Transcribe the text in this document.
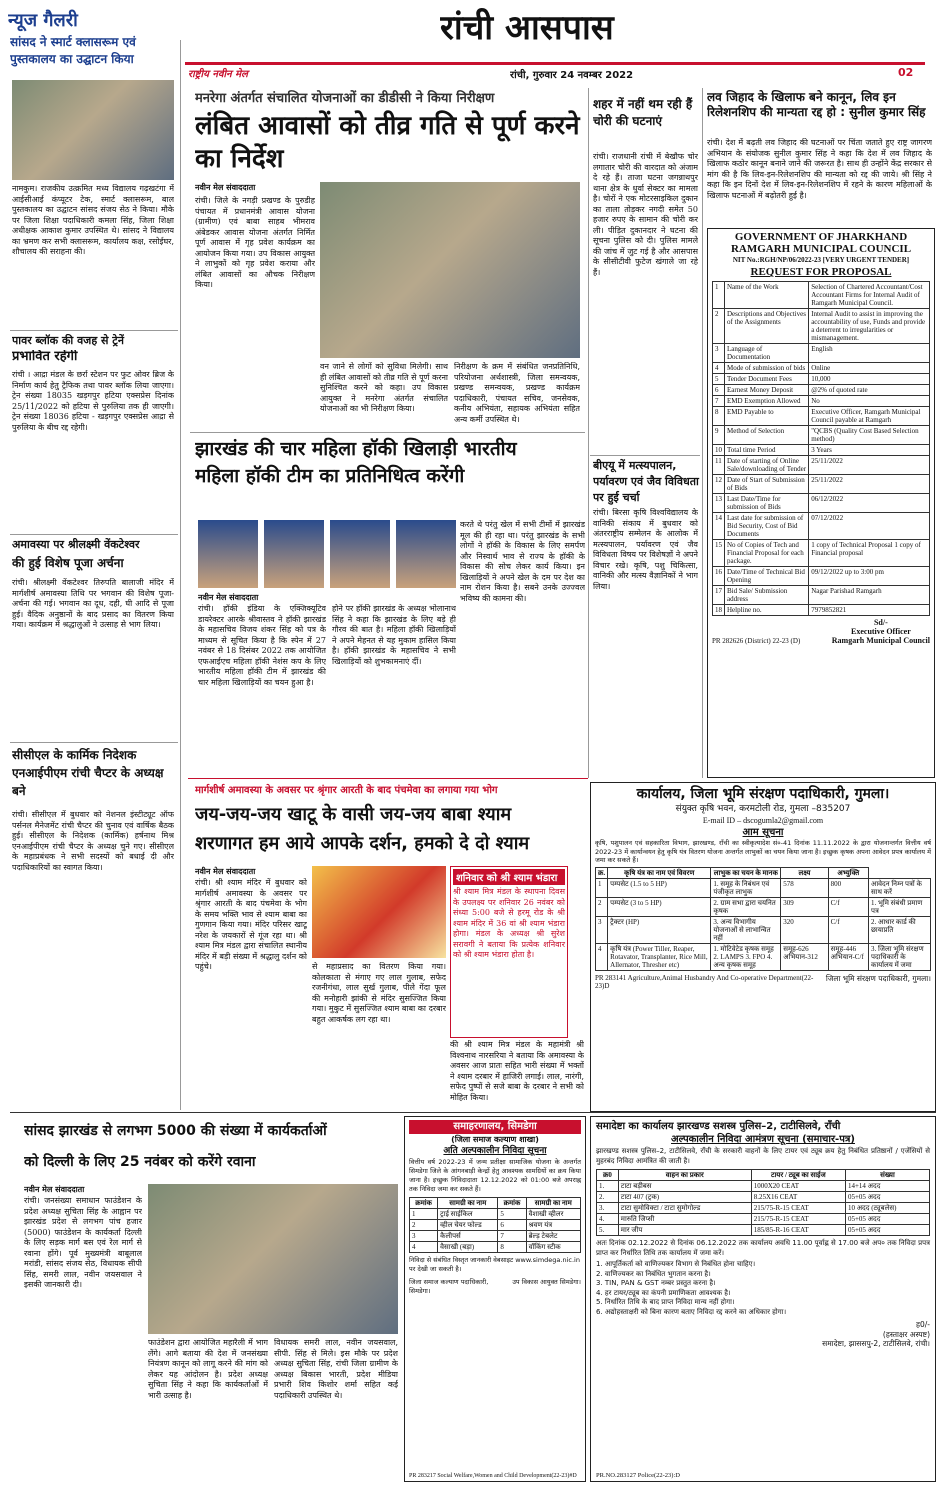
न्यूज गैलरी	रांची आसपास
राष्ट्रीय नवीन मेल	रांची, गुरुवार 24 नवम्बर 2022	02
सांसद ने स्मार्ट क्लासरूम एवं पुस्तकालय का उद्घाटन किया
नामकुम। राजकीय उत्क्रमित मध्य विद्यालय गढ़खटंगा में आईसीआई कंप्यूटर टेक, स्मार्ट क्लासरूम, बाल पुस्तकालय का उद्घाटन सांसद संजय सेठ ने किया। मौके पर जिला शिक्षा पदाधिकारी कमला सिंह, जिला शिक्षा अधीक्षक आकाश कुमार उपस्थित थे। सांसद ने विद्यालय का भ्रमण कर सभी क्लासरूम, कार्यालय कक्ष, रसोईघर, शौचालय की सराहना की।
पावर ब्लॉक की वजह से ट्रेनें
प्रभावित रहेंगी
रांची । आद्रा मंडल के छर्रा स्टेशन पर फुट ओवर ब्रिज के निर्माण कार्य हेतु ट्रैफिक तथा पावर ब्लॉक लिया जाएगा। ट्रेन संख्या 18035 खड़गपुर हटिया एक्सप्रेस दिनांक 25/11/2022 को हटिया से पुरुलिया तक ही जाएगी। ट्रेन संख्या 18036 हटिया - खड़गपुर एक्सप्रेस आद्रा से पुरुलिया के बीच रद्द रहेगी।
अमावस्या पर श्रीलक्ष्मी वेंकटेश्वर
की हुई विशेष पूजा अर्चना
रांची। श्रीलक्ष्मी वेंकटेश्वर तिरुपति बालाजी मंदिर में मार्गशीर्ष अमावस्या तिथि पर भगवान की विशेष पूजा-अर्चना की गई। भगवान का दूध, दही, घी आदि से पूजा हुई। वैदिक अनुष्ठानों के बाद प्रसाद का वितरण किया गया। कार्यक्रम में श्रद्धालुओं ने उत्साह से भाग लिया।
सीसीएल के कार्मिक निदेशक एनआईपीएम रांची चैप्टर के अध्यक्ष बने
रांची। सीसीएल में बुधवार को नेशनल इंस्टीट्यूट ऑफ पर्सनल मैनेजमेंट रांची चैप्टर की चुनाव एवं वार्षिक बैठक हुई। सीसीएल के निदेशक (कार्मिक) हर्षनाथ मिश्र एनआईपीएम रांची चैप्टर के अध्यक्ष चुने गए। सीसीएल के महाप्रबंधक ने सभी सदस्यों को बधाई दी और पदाधिकारियों का स्वागत किया।
मनरेगा अंतर्गत संचालित योजनाओं का डीडीसी ने किया निरीक्षण
लंबित आवासों को तीव्र गति से पूर्ण करने का निर्देश
नवीन मेल संवाददाता
रांची। जिले के नगड़ी प्रखण्ड के पुरुडीह पंचायत में प्रधानमंत्री आवास योजना (ग्रामीण) एवं बाबा साहब भीमराव अंबेडकर आवास योजना अंतर्गत निर्मित पूर्ण आवास में गृह प्रवेश कार्यक्रम का आयोजन किया गया। उप विकास आयुक्त ने लाभुकों को गृह प्रवेश कराया और लंबित आवासों का औचक निरीक्षण किया।
वन जाने से लोगों को सुविधा मिलेगी। साथ ही लंबित आवासों को तीव्र गति से पूर्ण करना सुनिश्चित करने को कहा। उप विकास आयुक्त ने मनरेगा अंतर्गत संचालित योजनाओं का भी निरीक्षण किया।
निरीक्षण के क्रम में संबंधित जनप्रतिनिधि, परियोजना अर्थशास्त्री, जिला समन्वयक, प्रखण्ड समन्वयक, प्रखण्ड कार्यक्रम पदाधिकारी, पंचायत सचिव, जनसेवक, कनीय अभियंता, सहायक अभियंता सहित अन्य कर्मी उपस्थित थे।
झारखंड की चार महिला हॉकी खिलाड़ी भारतीय
महिला हॉकी टीम का प्रतिनिधित्व करेंगी
नवीन मेल संवाददाता
रांची। हॉकी इंडिया के एक्जिक्यूटिव डायरेक्टर आरके श्रीवास्तव ने हॉकी झारखंड के महासचिव विजय शंकर सिंह को पत्र के माध्यम से सूचित किया है कि स्पेन में 27 नवंबर से 18 दिसंबर 2022 तक आयोजित एफआईएच महिला हॉकी नेशंस कप के लिए भारतीय महिला हॉकी टीम में झारखंड की चार महिला खिलाड़ियों का चयन हुआ है।
होने पर हॉकी झारखंड के अध्यक्ष भोलानाथ सिंह ने कहा कि झारखंड के लिए बड़े ही गौरव की बात है। महिला हॉकी खिलाड़ियों ने अपने मेहनत से यह मुकाम हासिल किया है। हॉकी झारखंड के महासचिव ने सभी खिलाड़ियों को शुभकामनाएं दीं।
करते थे परंतु खेल में सभी टीमों में झारखंड मूल की ही रहा था। परंतु झारखंड के सभी लोगों ने हॉकी के विकास के लिए समर्पण और निस्वार्थ भाव से राज्य के हॉकी के विकास की सोच लेकर कार्य किया। इन खिलाड़ियों ने अपने खेल के दम पर देश का नाम रोशन किया है। सबने उनके उज्ज्वल भविष्य की कामना की।
शहर में नहीं थम रही हैं चोरी की घटनाएं
रांची। राजधानी रांची में बेखौफ चोर लगातार चोरी की वारदात को अंजाम दे रहे हैं। ताजा घटना जगन्नाथपुर थाना क्षेत्र के धुर्वा सेक्टर का मामला है। चोरों ने एक मोटरसाइकिल दुकान का ताला तोड़कर नगदी समेत 50 हजार रुपए के सामान की चोरी कर ली। पीड़ित दुकानदार ने घटना की सूचना पुलिस को दी। पुलिस मामले की जांच में जुट गई है और आसपास के सीसीटीवी फुटेज खंगाले जा रहे हैं।
बीएयू में मत्स्यपालन, पर्यावरण एवं जैव विविधता पर हुई चर्चा
रांची। बिरसा कृषि विश्वविद्यालय के वानिकी संकाय में बुधवार को अंतरराष्ट्रीय सम्मेलन के आलोक में मत्स्यपालन, पर्यावरण एवं जैव विविधता विषय पर विशेषज्ञों ने अपने विचार रखे। कृषि, पशु चिकित्सा, वानिकी और मत्स्य वैज्ञानिकों ने भाग लिया।
लव जिहाद के खिलाफ बने कानून, लिव इन रिलेशनशिप की मान्यता रद्द हो : सुनील कुमार सिंह
रांची। देश में बढ़ती लव जिहाद की घटनाओं पर चिंता जताते हुए राष्ट्र जागरण अभियान के संयोजक सुनील कुमार सिंह ने कहा कि देश में लव जिहाद के खिलाफ कठोर कानून बनाने जाने की जरूरत है। साथ ही उन्होंने केंद्र सरकार से मांग की है कि लिव-इन-रिलेशनशिप की मान्यता को रद्द की जाये। श्री सिंह ने कहा कि इन दिनों देश में लिव-इन-रिलेशनशिप में रहने के कारण महिलाओं के खिलाफ घटनाओं में बढ़ोतरी हुई है।
GOVERNMENT OF JHARKHAND
RAMGARH MUNICIPAL COUNCIL
NIT No.:RGH/NP/06/2022-23 [VERY URGENT TENDER]
REQUEST FOR PROPOSAL
1	Name of the Work	Selection of Chartered Accountant/Cost Accountant Firms for Internal Audit of Ramgarh Municipal Council.
2	Descriptions and Objectives of the Assignments	Internal Audit to assist in improving the accountability of use, Funds and provide a deterrent to irregularities or mismanagement.
3	Language of Documentation	English
4	Mode of submission of bids	Online
5	Tender Document Fees	10,000
6	Earnest Money Deposit	@2% of quoted rate
7	EMD Exemption Allowed	No
8	EMD Payable to	Executive Officer, Ramgarh Municipal Council payable at Ramgarh
9	Method of Selection	"QCBS (Quality Cost Based Selection method)
10	Total time Period	3 Years
11	Date of starting of Online Sale/downloading of Tender	25/11/2022
12	Date of Start of Submission of Bids	25/11/2022
13	Last Date/Time for submission of Bids	06/12/2022
14	Last date for submission of Bid Security, Cost of Bid Documents	07/12/2022
15	No of Copies of Tech and Financial Proposal for each package.	1 copy of Technical Proposal 1 copy of Financial proposal
16	Date/Time of Technical Bid Opening	09/12/2022 up to 3:00 pm
17	Bid Sale/ Submission address	Nagar Parishad Ramgarh
18	Helpline no.	7979852821
PR 282626 (District) 22-23 (D)
Sd/-
Executive Officer
Ramgarh Municipal Council
कार्यालय, जिला भूमि संरक्षण पदाधिकारी, गुमला।
संयुक्त कृषि भवन, करमटोली रोड, गुमला –835207
E-mail ID – dscogumla2@gmail.com
आम सूचना
कृषि, पशुपालन एवं सहकारिता विभाग, झारखण्ड, राँची का स्वीकृत्यादेश सं०-41 दिनांक 11.11.2022 के द्वारा योजनान्तर्गत वित्तीय वर्ष 2022-23 में कार्यान्वयन हेतु कृषि यंत्र वितरण योजना अन्तर्गत लाभुकों का चयन किया जाना है। इच्छुक कृषक अपना आवेदन प्रपत्र कार्यालय में जमा कर सकते हैं।
क्र.	कृषि यंत्र का नाम एवं विवरण	लाभुक का चयन के मानक	लक्ष्य	अभ्युक्ति	
1	पम्पसेट (1.5 to 5 HP)	1. समूह के निबंधन एवं पंजीकृत लाभुक	578	800	आवेदन निम्न पत्रों के साथ करें
2	पम्पसेट (3 to 5 HP)	2. ग्राम सभा द्वारा चयनित कृषक	309	C/f	1. भूमि संबंधी प्रमाण पत्र
3	ट्रैक्टर (HP)	3. अन्य विभागीय योजनाओं से लाभान्वित नहीं	320	C/f	2. आधार कार्ड की छायाप्रति
4	कृषि यंत्र (Power Tiller, Reaper, Rotavator, Transplanter, Rice Mill, Allernator, Thresher etc)	1. मोटिवेटेड कृषक समूह 2. LAMPS 3. FPO 4. अन्य कृषक समूह	समूह-626 अभियान-312	समूह-446 अभियान-C/f	3. जिला भूमि संरक्षण पदाधिकारी के कार्यालय में जमा
PR 283141 Agriculture,Animal Husbandry And Co-operative Department(22-23)D
जिला भूमि संरक्षण पदाधिकारी, गुमला।
मार्गशीर्ष अमावस्या के अवसर पर श्रृंगार आरती के बाद पंचमेवा का लगाया गया भोग
जय-जय-जय खाटू के वासी जय-जय बाबा श्याम
शरणागत हम आये आपके दर्शन, हमको दे दो श्याम
नवीन मेल संवाददाता
रांची। श्री श्याम मंदिर में बुधवार को मार्गशीर्ष अमावस्या के अवसर पर श्रृंगार आरती के बाद पंचमेवा के भोग के समय भक्ति भाव से श्याम बाबा का गुणगान किया गया। मंदिर परिसर खाटू नरेश के जयकारों से गूंज रहा था। श्री श्याम मित्र मंडल द्वारा संचालित स्थानीय मंदिर में बड़ी संख्या में श्रद्धालु दर्शन को पहुंचे।	से महाप्रसाद का वितरण किया गया। कोलकाता से मंगाए गए लाल गुलाब, सफेद रजनीगंधा, लाल सुर्ख गुलाब, पीले गेंदा फूल की मनोहारी झांकी से मंदिर सुसज्जित किया गया। मुकुट में सुसज्जित श्याम बाबा का दरबार बहुत आकर्षक लग रहा था।
शनिवार को श्री श्याम भंडारा
श्री श्याम मित्र मंडल के स्थापना दिवस के उपलक्ष्य पर शनिवार 26 नवंबर को संध्या 5:00 बजे से हरमू रोड के श्री श्याम मंदिर में 36 वां श्री श्याम भंडारा होगा। मंडल के अध्यक्ष श्री सुरेश सरावगी ने बताया कि प्रत्येक शनिवार को श्री श्याम भंडारा होता है।
की श्री श्याम मित्र मंडल के महामंत्री श्री विश्वनाथ नारसरिया ने बताया कि अमावस्या के अवसर आज प्रातः सहित भारी संख्या में भक्तों ने श्याम दरबार में हाजिरी लगाई। लाल, नारंगी, सफेद पुष्पों से सजे बाबा के दरबार ने सभी को मोहित किया।
सांसद झारखंड से लगभग 5000 की संख्या में कार्यकर्ताओं
को दिल्ली के लिए 25 नवंबर को करेंगे रवाना
नवीन मेल संवाददाता
रांची। जनसंख्या समाधान फाउंडेशन के प्रदेश अध्यक्ष सुचिता सिंह के आह्वान पर झारखंड प्रदेश से लगभग पांच हजार (5000) फाउंडेशन के कार्यकर्ता दिल्ली के लिए सड़क मार्ग बस एवं रेल मार्ग से रवाना होंगे। पूर्व मुख्यमंत्री बाबूलाल मरांडी, सांसद संजय सेठ, विधायक सीपी सिंह, समरी लाल, नवीन जयसवाल ने इसकी जानकारी दी।
फाउंडेशन द्वारा आयोजित महारैली में भाग लेंगे। आगे बताया की देश में जनसंख्या नियंत्रण कानून को लागू करने की मांग को लेकर यह आंदोलन है। प्रदेश अध्यक्ष सुचिता सिंह ने कहा कि कार्यकर्ताओं में भारी उत्साह है।
विधायक समरी लाल, नवीन जयसवाल, सीपी. सिंह से मिले। इस मौके पर प्रदेश अध्यक्ष सुचिता सिंह, रांची जिला ग्रामीण के अध्यक्ष बिकास भारती, प्रदेश मीडिया प्रभारी शिव किशोर शर्मा सहित कई पदाधिकारी उपस्थित थे।
समाहरणालय, सिमडेगा
(जिला समाज कल्याण शाखा)
अति अल्पकालीन निविदा सूचना
वित्तीय वर्ष 2022-23 में जन्म प्रतीक्षा सामाजिक योजना के अन्तर्गत सिमडेगा जिले के आंगनबाड़ी केन्द्रों हेतु आवश्यक सामग्रियों का क्रय किया जाना है। इच्छुक निविदादाता 12.12.2022 को 01:00 बजे अपराह्न तक निविदा जमा कर सकते हैं।
क्रमांक	सामग्री का नाम	क्रमांक	सामग्री का नाम
1	ट्राई साईकिल	5	वैशाखी व्हीलर
2	व्हील चेयर फोल्ड	6	श्रवण यंत्र
3	कैलीपर्स	7	ब्रेल्ड़ टेबलेट
4	वैसाखी (बड़ा)	8	वॉकिंग स्टीक
निविदा से संबंधित विस्तृत जानकारी वेबसाइट www.simdega.nic.in पर देखी जा सकती है।
जिला समाज कल्याण पदाधिकारी, सिमडेगा।
उप विकास आयुक्त सिमडेगा।
PR 283217 Social Welfare,Women and Child Development(22-23)#D
समादेष्टा का कार्यालय झारखण्ड सशस्त्र पुलिस–2, टाटीसिलवे, राँची
अल्पकालीन निविदा आमंत्रण सूचना (समाचार-पत्र)
झारखण्ड सशस्त्र पुलिस–2, टाटीसिलवे, राँची के सरकारी वाहनों के लिए टायर एवं ट्यूब क्रय हेतु निबंधित प्रतिष्ठानों / एजेंसियों से मुहरबंद निविदा आमंत्रित की जाती है।
क्र0	वाहन का प्रकार	टायर / ट्यूब का साईज	संख्या
1.	टाटा बड़ीबस	1000X20 CEAT	14+14 अदद
2.	टाटा 407 (ट्रक)	8.25X16 CEAT	05+05 अदद
3.	टाटा सुमोविक्टा / टाटा सुमोगोल्ड	215/75-R-15 CEAT	10 अदद (ट्यूबलेस)
4.	मारुति जिप्सी	215/75-R-15 CEAT	05+05 अदद
5.	मार जीप	185/85-R-16 CEAT	05+05 अदद
अतः दिनांक 02.12.2022 से दिनांक 06.12.2022 तक कार्यालय अवधि 11.00 पूर्वाह्न से 17.00 बजे अप० तक निविदा प्रपत्र प्राप्त कर निर्धारित तिथि तक कार्यालय में जमा करें।
1. आपूर्तिकर्ता को वाणिज्यकर विभाग से निबंधित होना चाहिए।
2. वाणिज्यकर का निबंधित भुगतान करना है।
3. TIN, PAN & GST नम्बर प्रस्तुत करना है।
4. हर टायर/ट्यूब का कंपनी प्रमाणिकता आवश्यक है।
5. निर्धारित तिथि के बाद प्राप्त निविदा मान्य नहीं होगा।
6. अद्योहस्ताक्षरी को बिना कारण बताए निविदा रद्द करने का अधिकार होगा।
ह0/-
(हस्ताक्षर अस्पष्ट)
समादेष्टा, झाससपु-2, टाटीसिलवे, रांची।
PR.NO.283127 Police(22-23):D
